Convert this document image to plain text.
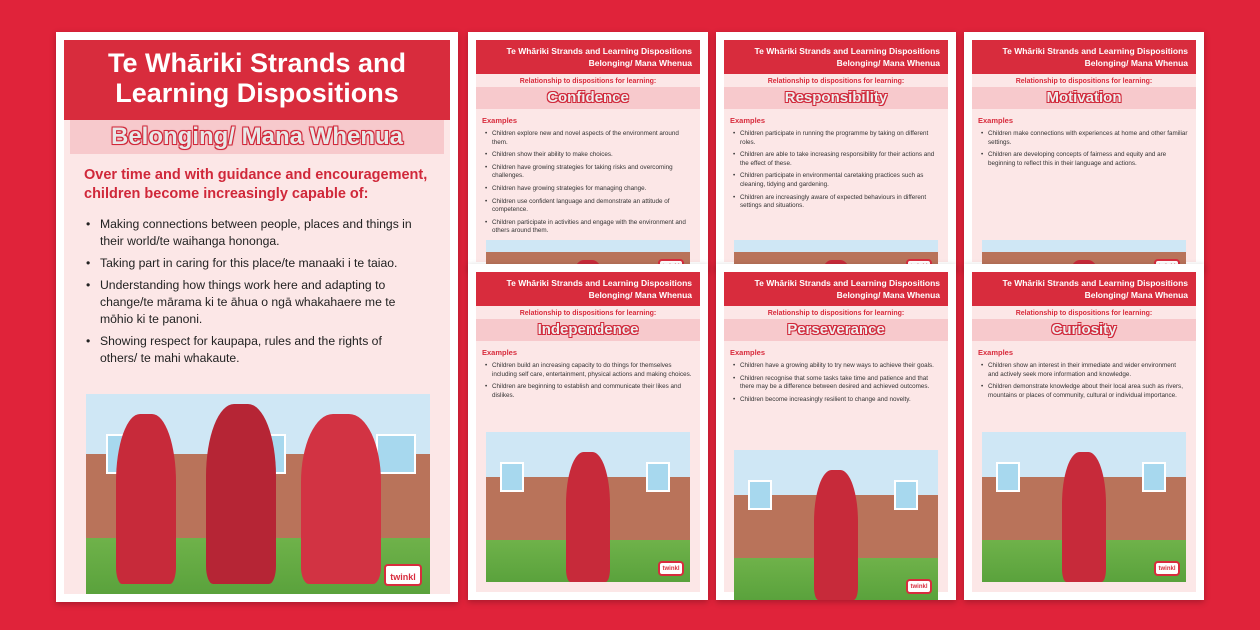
Te Whāriki Strands and Learning Dispositions
Belonging/ Mana Whenua
Over time and with guidance and encouragement, children become increasingly capable of:
• Making connections between people, places and things in their world/te waihanga hononga.
• Taking part in caring for this place/te manaaki i te taiao.
• Understanding how things work here and adapting to change/te mārama ki te āhua o ngā whakahaere me te mōhio ki te panoni.
• Showing respect for kaupapa, rules and the rights of others/ te mahi whakaute.
twinkl
Te Whāriki Strands and Learning Dispositions
Belonging/ Mana Whenua
Relationship to dispositions for learning:
Confidence
Examples
• Children explore new and novel aspects of the environment around them.
• Children show their ability to make choices.
• Children have growing strategies for taking risks and overcoming challenges.
• Children have growing strategies for managing change.
• Children use confident language and demonstrate an attitude of competence.
• Children participate in activities and engage with the environment and others around them.
Te Whāriki Strands and Learning Dispositions
Belonging/ Mana Whenua
Relationship to dispositions for learning:
Responsibility
Examples
• Children participate in running the programme by taking on different roles.
• Children are able to take increasing responsibility for their actions and the effect of these.
• Children participate in environmental caretaking practices such as cleaning, tidying and gardening.
• Children are increasingly aware of expected behaviours in different settings and situations.
Te Whāriki Strands and Learning Dispositions
Belonging/ Mana Whenua
Relationship to dispositions for learning:
Motivation
Examples
• Children make connections with experiences at home and other familiar settings.
• Children are developing concepts of fairness and equity and are beginning to reflect this in their language and actions.
Te Whāriki Strands and Learning Dispositions
Belonging/ Mana Whenua
Relationship to dispositions for learning:
Independence
Examples
• Children build an increasing capacity to do things for themselves including self care, entertainment, physical actions and making choices.
• Children are beginning to establish and communicate their likes and dislikes.
twinkl
Te Whāriki Strands and Learning Dispositions
Belonging/ Mana Whenua
Relationship to dispositions for learning:
Perseverance
Examples
• Children have a growing ability to try new ways to achieve their goals.
• Children recognise that some tasks take time and patience and that there may be a difference between desired and achieved outcomes.
• Children become increasingly resilient to change and novelty.
twinkl
Te Whāriki Strands and Learning Dispositions
Belonging/ Mana Whenua
Relationship to dispositions for learning:
Curiosity
Examples
• Children show an interest in their immediate and wider environment and actively seek more information and knowledge.
• Children demonstrate knowledge about their local area such as rivers, mountains or places of community, cultural or individual importance.
twinkl
